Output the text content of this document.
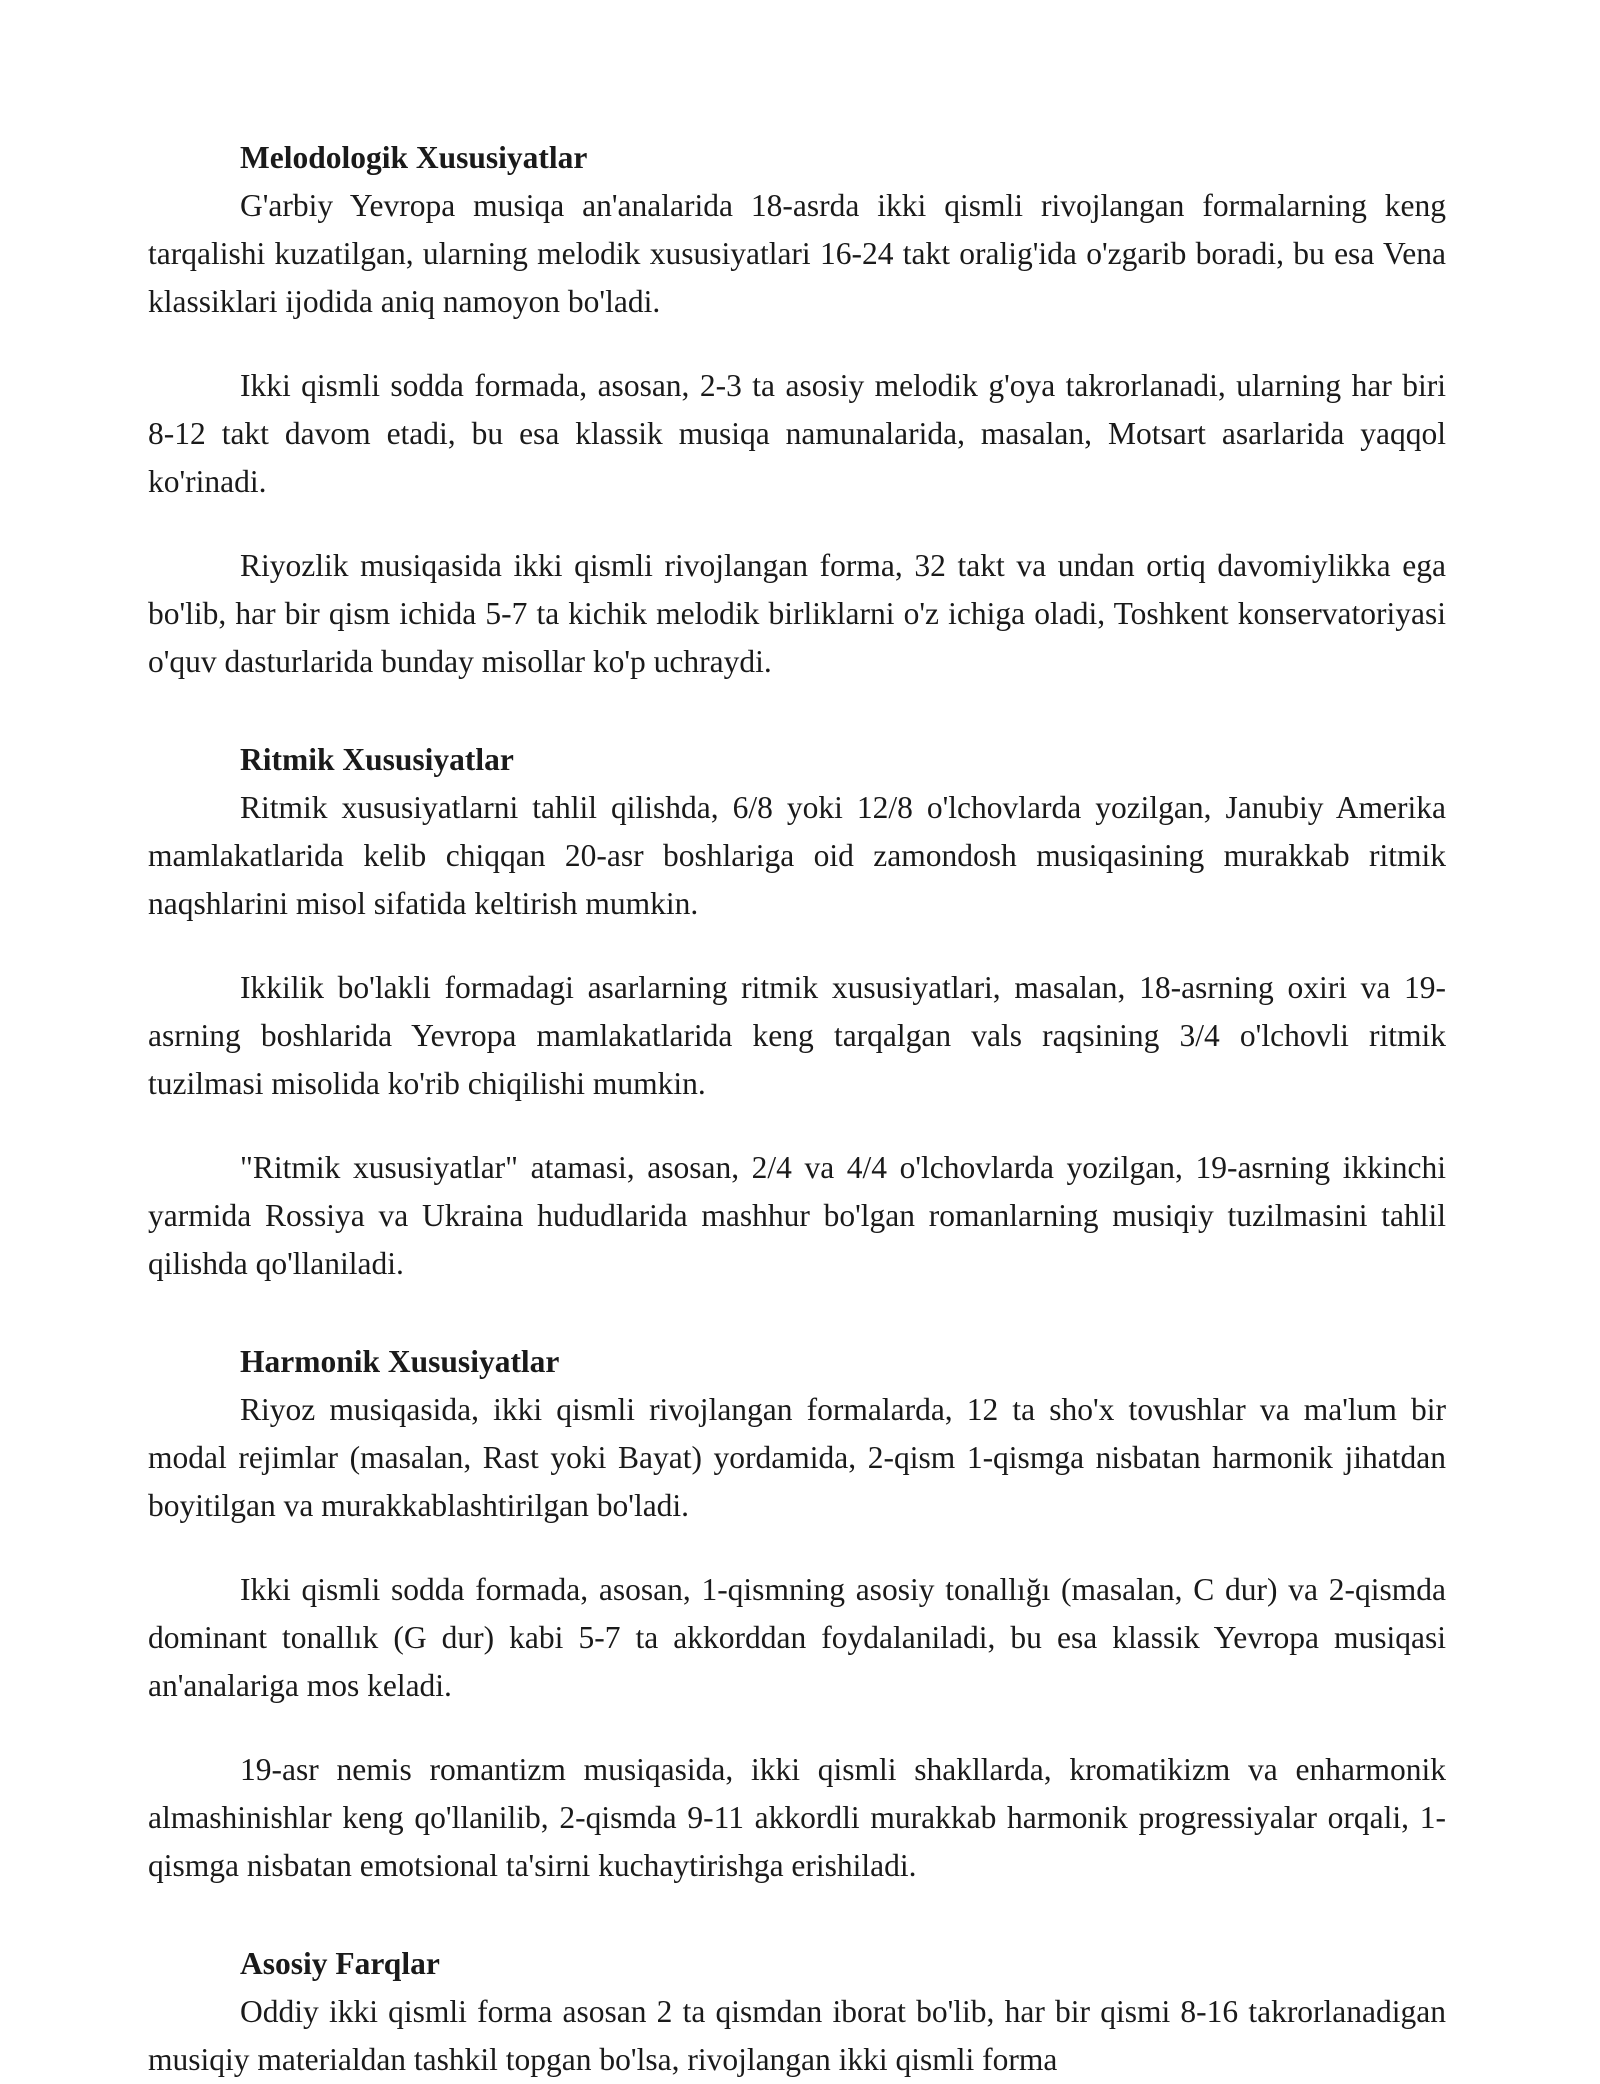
Melodologik Xususiyatlar

G'arbiy Yevropa musiqa an'analarida 18-asrda ikki qismli rivojlangan formalarning keng tarqalishi kuzatilgan, ularning melodik xususiyatlari 16-24 takt oralig'ida o'zgarib boradi, bu esa Vena klassiklari ijodida aniq namoyon bo'ladi.

Ikki qismli sodda formada, asosan, 2-3 ta asosiy melodik g'oya takrorlanadi, ularning har biri 8-12 takt davom etadi, bu esa klassik musiqa namunalarida, masalan, Motsart asarlarida yaqqol ko'rinadi.

Riyozlik musiqasida ikki qismli rivojlangan forma, 32 takt va undan ortiq davomiylikka ega bo'lib, har bir qism ichida 5-7 ta kichik melodik birliklarni o'z ichiga oladi, Toshkent konservatoriyasi o'quv dasturlarida bunday misollar ko'p uchraydi.

Ritmik Xususiyatlar

Ritmik xususiyatlarni tahlil qilishda, 6/8 yoki 12/8 o'lchovlarda yozilgan, Janubiy Amerika mamlakatlarida kelib chiqqan 20-asr boshlariga oid zamondosh musiqasining murakkab ritmik naqshlarini misol sifatida keltirish mumkin.

Ikkilik bo'lakli formadagi asarlarning ritmik xususiyatlari, masalan, 18-asrning oxiri va 19-asrning boshlarida Yevropa mamlakatlarida keng tarqalgan vals raqsining 3/4 o'lchovli ritmik tuzilmasi misolida ko'rib chiqilishi mumkin.

"Ritmik xususiyatlar" atamasi, asosan, 2/4 va 4/4 o'lchovlarda yozilgan, 19-asrning ikkinchi yarmida Rossiya va Ukraina hududlarida mashhur bo'lgan romanlarning musiqiy tuzilmasini tahlil qilishda qo'llaniladi.

Harmonik Xususiyatlar

Riyoz musiqasida, ikki qismli rivojlangan formalarda, 12 ta sho'x tovushlar va ma'lum bir modal rejimlar (masalan, Rast yoki Bayat) yordamida, 2-qism 1-qismga nisbatan harmonik jihatdan boyitilgan va murakkablashtirilgan bo'ladi.

Ikki qismli sodda formada, asosan, 1-qismning asosiy tonallığı (masalan, C dur) va 2-qismda dominant tonallık (G dur) kabi 5-7 ta akkorddan foydalaniladi, bu esa klassik Yevropa musiqasi an'analariga mos keladi.

19-asr nemis romantizm musiqasida, ikki qismli shakllarda, kromatikizm va enharmonik almashinishlar keng qo'llanilib, 2-qismda 9-11 akkordli murakkab harmonik progressiyalar orqali, 1-qismga nisbatan emotsional ta'sirni kuchaytirishga erishiladi.

Asosiy Farqlar

Oddiy ikki qismli forma asosan 2 ta qismdan iborat bo'lib, har bir qismi 8-16 takrorlanadigan musiqiy materialdan tashkil topgan bo'lsa, rivojlangan ikki qismli forma
